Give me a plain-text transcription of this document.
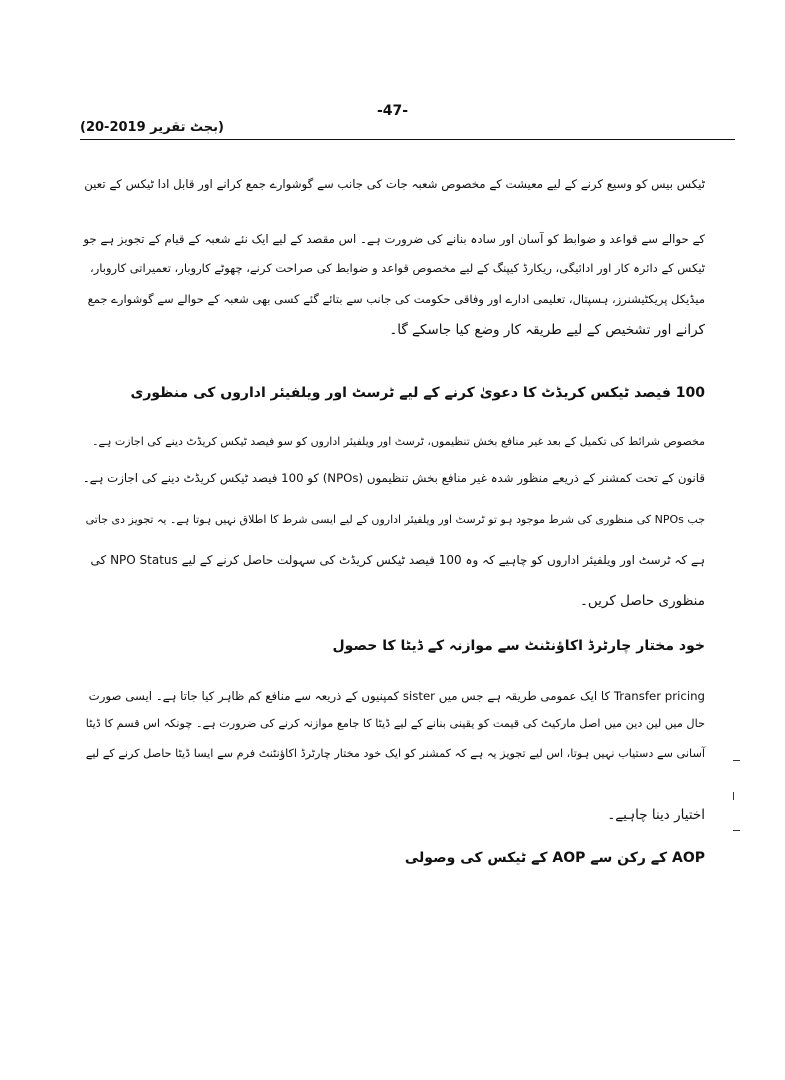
-47-
(بجٹ تقریر 2019-20)
ٹیکس بیس کو وسیع کرنے کے لیے معیشت کے مخصوص شعبہ جات کی جانب سے گوشوارے جمع کرانے اور قابل ادا ٹیکس کے تعین
کے حوالے سے قواعد و ضوابط کو آسان اور سادہ بنانے کی ضرورت ہے۔ اس مقصد کے لیے ایک نئے شعبہ کے قیام کے تجویز ہے جو
ٹیکس کے دائرہ کار اور ادائیگی، ریکارڈ کیپنگ کے لیے مخصوص قواعد و ضوابط کی صراحت کرنے، چھوٹے کاروبار، تعمیراتی کاروبار،
میڈیکل پریکٹیشنرز، ہسپتال، تعلیمی ادارے اور وفاقی حکومت کی جانب سے بتائے گئے کسی بھی شعبہ کے حوالے سے گوشوارے جمع
کرانے اور تشخیص کے لیے طریقہ کار وضع کیا جاسکے گا۔
100 فیصد ٹیکس کریڈٹ کا دعویٰ کرنے کے لیے ٹرسٹ اور ویلفیئر اداروں کی منظوری
مخصوص شرائط کی تکمیل کے بعد غیر منافع بخش تنظیموں، ٹرسٹ اور ویلفیئر اداروں کو سو فیصد ٹیکس کریڈٹ دینے کی اجازت ہے۔
قانون کے تحت کمشنر کے ذریعے منظور شدہ غیر منافع بخش تنظیموں (NPOs) کو 100 فیصد ٹیکس کریڈٹ دینے کی اجازت ہے۔
جب NPOs کی منظوری کی شرط موجود ہو تو ٹرسٹ اور ویلفیئر اداروں کے لیے ایسی شرط کا اطلاق نہیں ہوتا ہے۔ یہ تجویز دی جاتی
ہے کہ ٹرسٹ اور ویلفیئر اداروں کو چاہیے کہ وہ 100 فیصد ٹیکس کریڈٹ کی سہولت حاصل کرنے کے لیے NPO Status کی
منظوری حاصل کریں۔
خود مختار چارٹرڈ اکاؤنٹنٹ سے موازنہ کے ڈیٹا کا حصول
Transfer pricing کا ایک عمومی طریقہ ہے جس میں sister کمپنیوں کے ذریعہ سے منافع کم ظاہر کیا جاتا ہے۔ ایسی صورت
حال میں لین دین میں اصل مارکیٹ کی قیمت کو یقینی بنانے کے لیے ڈیٹا کا جامع موازنہ کرنے کی ضرورت ہے۔ چونکہ اس قسم کا ڈیٹا
آسانی سے دستیاب نہیں ہوتا، اس لیے تجویز یہ ہے کہ کمشنر کو ایک خود مختار چارٹرڈ اکاؤنٹنٹ فرم سے ایسا ڈیٹا حاصل کرنے کے لیے
اختیار دینا چاہیے۔
AOP کے رکن سے AOP کے ٹیکس کی وصولی
